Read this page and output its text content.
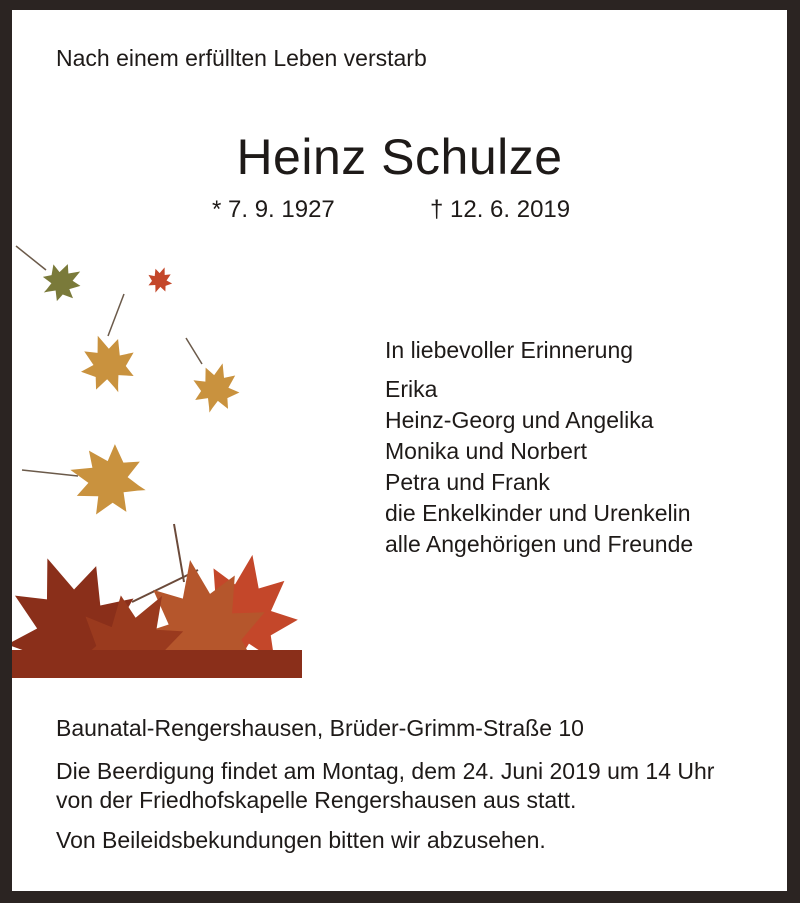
Nach einem erfüllten Leben verstarb

Heinz Schulze
* 7. 9. 1927	† 12. 6. 2019

In liebevoller Erinnerung

Erika
Heinz-Georg und Angelika
Monika und Norbert
Petra und Frank
die Enkelkinder und Urenkelin
alle Angehörigen und Freunde

Baunatal-Rengershausen, Brüder-Grimm-Straße 10

Die Beerdigung findet am Montag, dem 24. Juni 2019 um 14 Uhr von der Friedhofskapelle Rengershausen aus statt.

Von Beileidsbekundungen bitten wir abzusehen.
